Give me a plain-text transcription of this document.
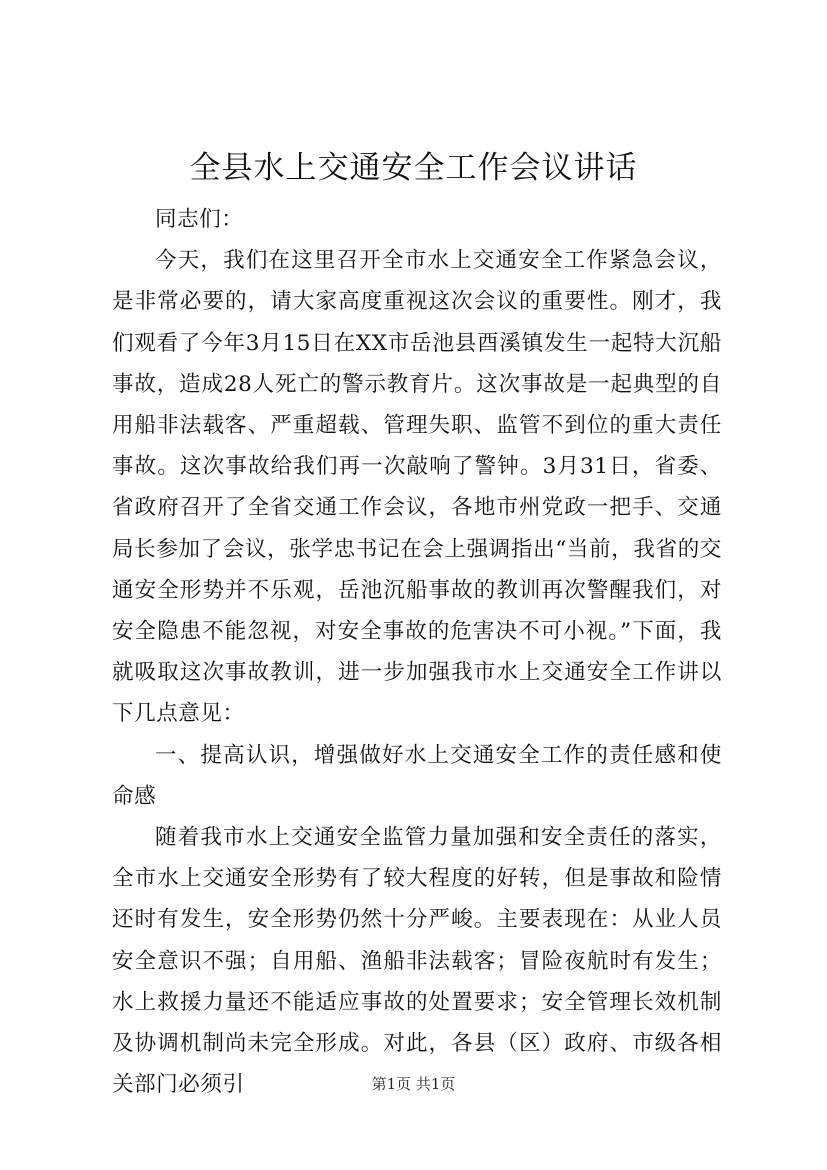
全县水上交通安全工作会议讲话

同志们：

今天，我们在这里召开全市水上交通安全工作紧急会议，是非常必要的，请大家高度重视这次会议的重要性。刚才，我们观看了今年3月15日在XX市岳池县酉溪镇发生一起特大沉船事故，造成28人死亡的警示教育片。这次事故是一起典型的自用船非法载客、严重超载、管理失职、监管不到位的重大责任事故。这次事故给我们再一次敲响了警钟。3月31日，省委、省政府召开了全省交通工作会议，各地市州党政一把手、交通局长参加了会议，张学忠书记在会上强调指出“当前，我省的交通安全形势并不乐观，岳池沉船事故的教训再次警醒我们，对安全隐患不能忽视，对安全事故的危害决不可小视。”下面，我就吸取这次事故教训，进一步加强我市水上交通安全工作讲以下几点意见：

一、提高认识，增强做好水上交通安全工作的责任感和使命感

随着我市水上交通安全监管力量加强和安全责任的落实，全市水上交通安全形势有了较大程度的好转，但是事故和险情还时有发生，安全形势仍然十分严峻。主要表现在：从业人员安全意识不强；自用船、渔船非法载客；冒险夜航时有发生；水上救援力量还不能适应事故的处置要求；安全管理长效机制及协调机制尚未完全形成。对此，各县（区）政府、市级各相关部门必须引	第1页 共1页
